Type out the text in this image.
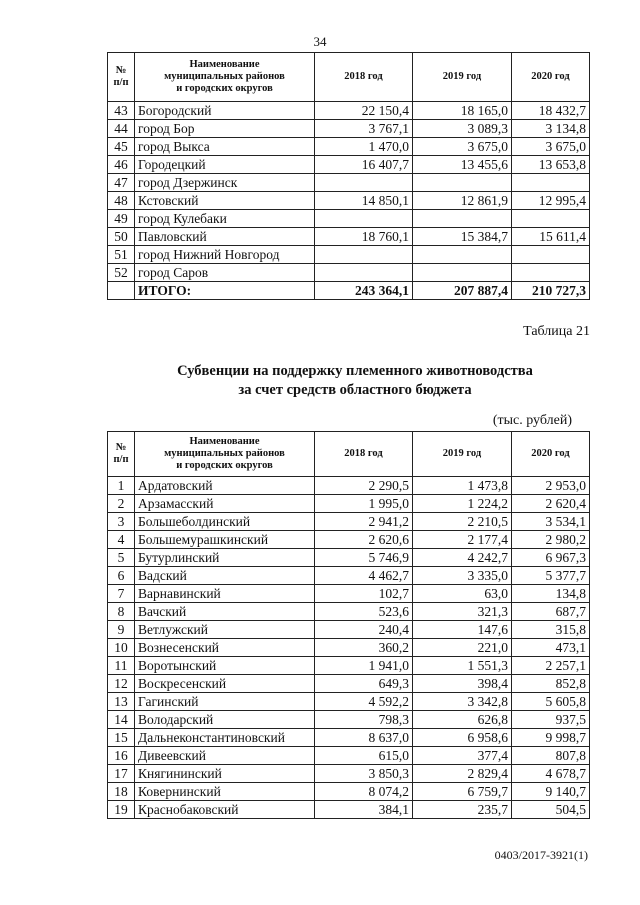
34
№
п/п	Наименование
муниципальных районов
и городских округов	2018 год	2019 год	2020 год
43	Богородский	22 150,4	18 165,0	18 432,7
44	город Бор	3 767,1	3 089,3	3 134,8
45	город Выкса	1 470,0	3 675,0	3 675,0
46	Городецкий	16 407,7	13 455,6	13 653,8
47	город Дзержинск			
48	Кстовский	14 850,1	12 861,9	12 995,4
49	город Кулебаки			
50	Павловский	18 760,1	15 384,7	15 611,4
51	город Нижний Новгород			
52	город Саров			
	ИТОГО:	243 364,1	207 887,4	210 727,3
Таблица 21
Субвенции на поддержку племенного животноводства
за счет средств областного бюджета
(тыс. рублей)
№
п/п	Наименование
муниципальных районов
и городских округов	2018 год	2019 год	2020 год
1	Ардатовский	2 290,5	1 473,8	2 953,0
2	Арзамасский	1 995,0	1 224,2	2 620,4
3	Большеболдинский	2 941,2	2 210,5	3 534,1
4	Большемурашкинский	2 620,6	2 177,4	2 980,2
5	Бутурлинский	5 746,9	4 242,7	6 967,3
6	Вадский	4 462,7	3 335,0	5 377,7
7	Варнавинский	102,7	63,0	134,8
8	Вачский	523,6	321,3	687,7
9	Ветлужский	240,4	147,6	315,8
10	Вознесенский	360,2	221,0	473,1
11	Воротынский	1 941,0	1 551,3	2 257,1
12	Воскресенский	649,3	398,4	852,8
13	Гагинский	4 592,2	3 342,8	5 605,8
14	Володарский	798,3	626,8	937,5
15	Дальнеконстантиновский	8 637,0	6 958,6	9 998,7
16	Дивеевский	615,0	377,4	807,8
17	Княгининский	3 850,3	2 829,4	4 678,7
18	Ковернинский	8 074,2	6 759,7	9 140,7
19	Краснобаковский	384,1	235,7	504,5
0403/2017-3921(1)
